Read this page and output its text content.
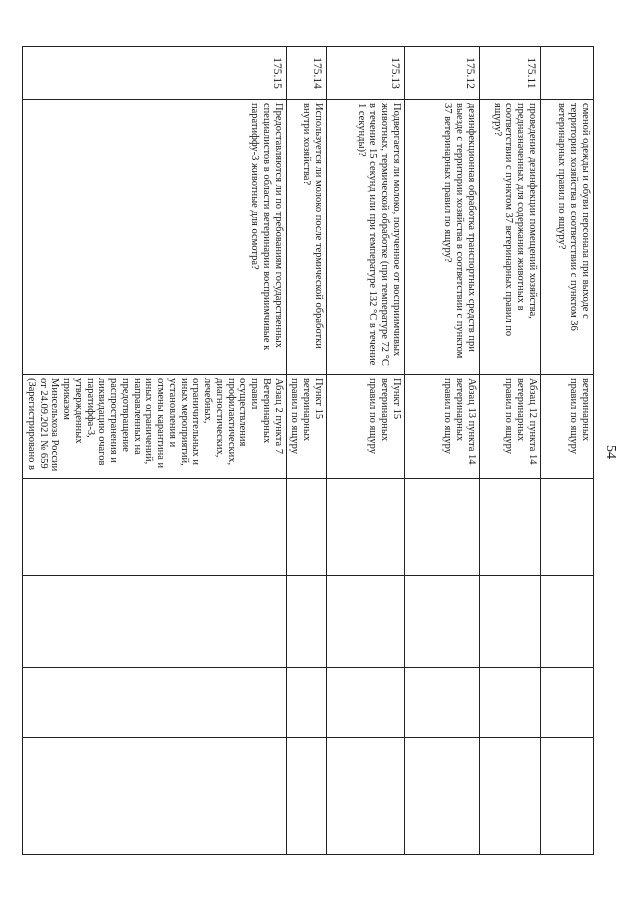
54
	сменой одежды и обуви персонала при выходе с территории хозяйства в соответствии с пунктом 36 ветеринарных правил по ящуру?	ветеринарных правил по ящуру				
175.11	проведение дезинфекции помещений хозяйства, предназначенных для содержания животных в соответствии с пунктом 37 ветеринарных правил по ящуру?	Абзац 12 пункта 14 ветеринарных правил по ящуру				
175.12	дезинфекционная обработка транспортных средств при выезде с территории хозяйства в соответствии с пунктом 37 ветеринарных правил по ящуру?	Абзац 13 пункта 14 ветеринарных правил по ящуру				
175.13	Подвергается ли молоко, полученное от восприимчивых животных, термической обработке (при температуре 72 °С в течение 15 секунд или при температуре 132 °С в течение 1 секунды)?	Пункт 15 ветеринарных правил по ящуру				
175.14	Используется ли молоко после термической обработки внутри хозяйства?	Пункт 15 ветеринарных правил по ящуру				
175.15	Предоставляются ли по требованиям государственных специалистов в области ветеринарии восприимчивые к паратиффу-3 животные для осмотра?	Абзац 2 пункта 7 Ветеринарных правил осуществления профилактических, диагностических, лечебных, ограничительных и иных мероприятий, установления и отмены карантина и иных ограничений, направленных на предотвращение распространения и ликвидацию очагов паратиффа-3, утвержденных приказом Минсельхоза России от 24.09.2021 № 659 (Зарегистрировано в				
